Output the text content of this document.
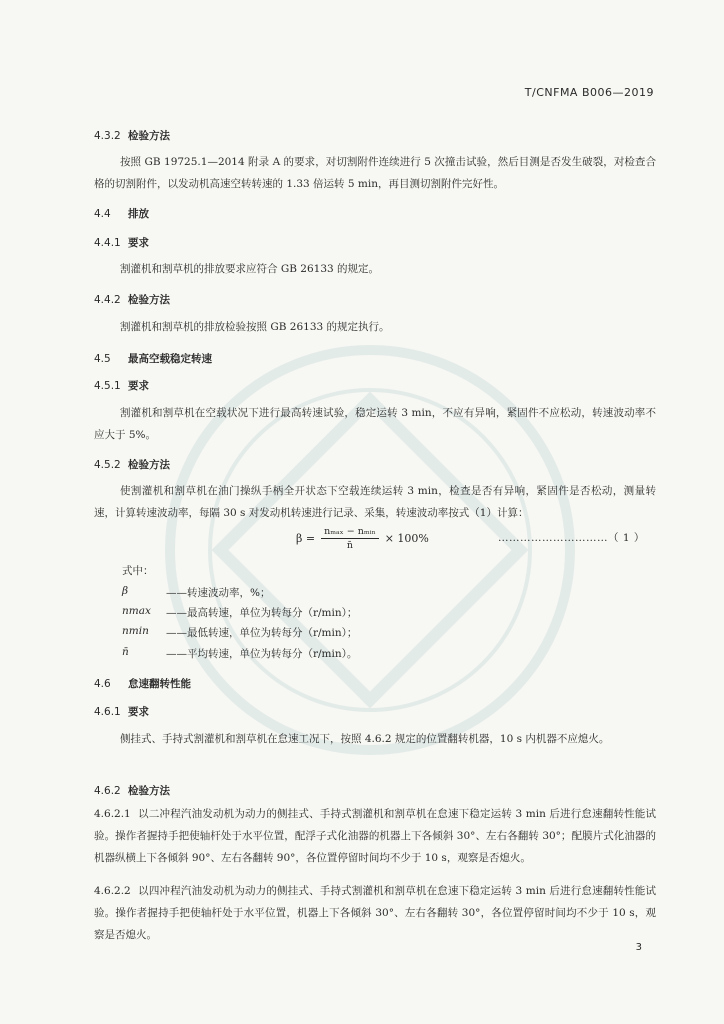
T/CNFMA B006—2019
4.3.2 检验方法
按照 GB 19725.1—2014 附录 A 的要求，对切割附件连续进行 5 次撞击试验，然后目测是否发生破裂，对检查合格的切割附件，以发动机高速空转转速的 1.33 倍运转 5 min，再目测切割附件完好性。
4.4 排放
4.4.1 要求
割灌机和割草机的排放要求应符合 GB 26133 的规定。
4.4.2 检验方法
割灌机和割草机的排放检验按照 GB 26133 的规定执行。
4.5 最高空载稳定转速
4.5.1 要求
割灌机和割草机在空载状况下进行最高转速试验，稳定运转 3 min，不应有异响，紧固件不应松动，转速波动率不应大于 5%。
4.5.2 检验方法
使割灌机和割草机在油门操纵手柄全开状态下空载连续运转 3 min，检查是否有异响，紧固件是否松动，测量转速，计算转速波动率，每隔 30 s 对发动机转速进行记录、采集，转速波动率按式（1）计算：
$\beta = \frac{\text{nₘₐₓ − nₘᵢₙ}}{n̄} \times 100\%$	…………………………（ 1 ）
式中：
β	——转速波动率，%；
nmax	——最高转速，单位为转每分（r/min）；
nmin	——最低转速，单位为转每分（r/min）；
n̄	——平均转速，单位为转每分（r/min）。
4.6 怠速翻转性能
4.6.1 要求
侧挂式、手持式割灌机和割草机在怠速工况下，按照 4.6.2 规定的位置翻转机器，10 s 内机器不应熄火。
4.6.2 检验方法
4.6.2.1 以二冲程汽油发动机为动力的侧挂式、手持式割灌机和割草机在怠速下稳定运转 3 min 后进行怠速翻转性能试验。操作者握持手把使轴杆处于水平位置，配浮子式化油器的机器上下各倾斜 30°、左右各翻转 30°；配膜片式化油器的机器纵横上下各倾斜 90°、左右各翻转 90°，各位置停留时间均不少于 10 s，观察是否熄火。
4.6.2.2 以四冲程汽油发动机为动力的侧挂式、手持式割灌机和割草机在怠速下稳定运转 3 min 后进行怠速翻转性能试验。操作者握持手把使轴杆处于水平位置，机器上下各倾斜 30°、左右各翻转 30°，各位置停留时间均不少于 10 s，观察是否熄火。
3
